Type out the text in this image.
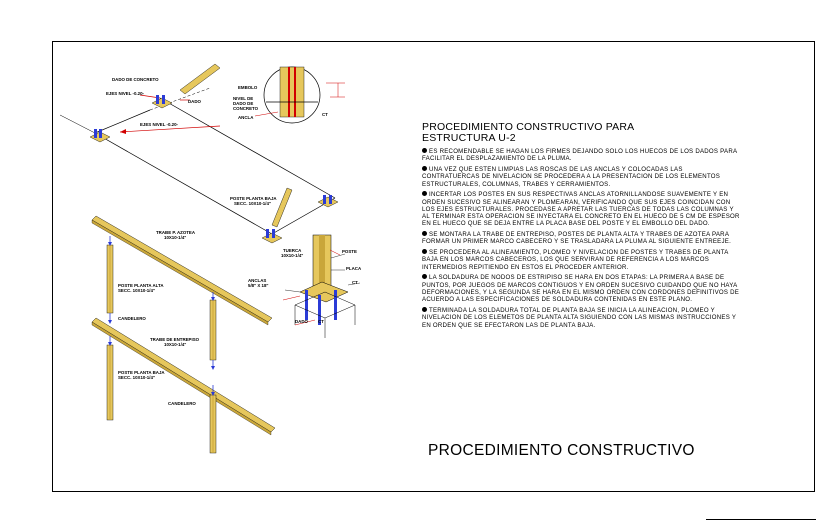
DADO DE CONCRETO
EJES NIVEL -0.20-
DADO
EJES NIVEL -0.20-
POSTE PLANTA BAJA
SECC. 10X10-1/4"
EMBOLO
NIVEL DE
DADO DE
CONCRETO
ANCLA
CT
TRABE P. AZOTEA
10X10-1/4"
POSTE PLANTA ALTA
SECC. 10X10-1/4"
CANDELERO
TRABE DE ENTREPISO
10X10-1/4"
POSTE PLANTA BAJA
SECC. 10X10-1/4"
CANDELERO
TUERCA
10X10-1/4"
POSTE
PLACA
ANCLAS
5/8" X 18"
CT
DADO CT
PROCEDIMIENTO CONSTRUCTIVO PARA
ESTRUCTURA U-2
ES RECOMENDABLE SE HAGAN LOS FIRMES DEJANDO SOLO LOS HUECOS DE LOS DADOS PARA FACILITAR EL DESPLAZAMIENTO DE LA PLUMA.
UNA VEZ QUE ESTEN LIMPIAS LAS ROSCAS DE LAS ANCLAS Y COLOCADAS LAS CONTRATUERCAS DE NIVELACION SE PROCEDERA A LA PRESENTACION DE LOS ELEMENTOS ESTRUCTURALES, COLUMNAS, TRABES Y CERRAMIENTOS.
INCERTAR LOS POSTES EN SUS RESPECTIVAS ANCLAS ATORNILLANDOSE SUAVEMENTE Y EN ORDEN SUCESIVO SE ALINEARAN Y PLOMEARAN, VERIFICANDO QUE SUS EJES COINCIDAN CON LOS EJES ESTRUCTURALES. PROCEDASE A APRETAR LAS TUERCAS DE TODAS LAS COLUMNAS Y AL TERMINAR ESTA OPERACION SE INYECTARA EL CONCRETO EN EL HUECO DE 5 CM DE ESPESOR EN EL HUECO QUE SE DEJA ENTRE LA PLACA BASE DEL POSTE Y EL EMBOLLO DEL DADO.
SE MONTARA LA TRABE DE ENTREPISO, POSTES DE PLANTA ALTA Y TRABES DE AZOTEA PARA FORMAR UN PRIMER MARCO CABECERO Y SE TRASLADARA LA PLUMA AL SIGUIENTE ENTREEJE.
SE PROCEDERA AL ALINEAMIENTO, PLOMEO Y NIVELACION DE POSTES Y TRABES DE PLANTA BAJA EN LOS MARCOS CABECEROS, LOS QUE SERVIRAN DE REFERENCIA A LOS MARCOS INTERMEDIOS REPITIENDO EN ESTOS EL PROCEDER ANTERIOR.
LA SOLDADURA DE NODOS DE ESTRIPISO SE HARA EN DOS ETAPAS: LA PRIMERA A BASE DE PUNTOS, POR JUEGOS DE MARCOS CONTIGUOS Y EN ORDEN SUCESIVO CUIDANDO QUE NO HAYA DEFORMACIONES, Y LA SEGUNDA SE HARA EN EL MISMO ORDEN CON CORDONES DEFINITIVOS DE ACUERDO A LAS ESPECIFICACIONES DE SOLDADURA CONTENIDAS EN ESTE PLANO.
TERMINADA LA SOLDADURA TOTAL DE PLANTA BAJA SE INICIA LA ALINEACION, PLOMEO Y NIVELACION DE LOS ELEMETOS DE PLANTA ALTA SIGUIENDO CON LAS MISMAS INSTRUCCIONES Y EN ORDEN QUE SE EFECTARON LAS DE PLANTA BAJA.
PROCEDIMIENTO CONSTRUCTIVO
